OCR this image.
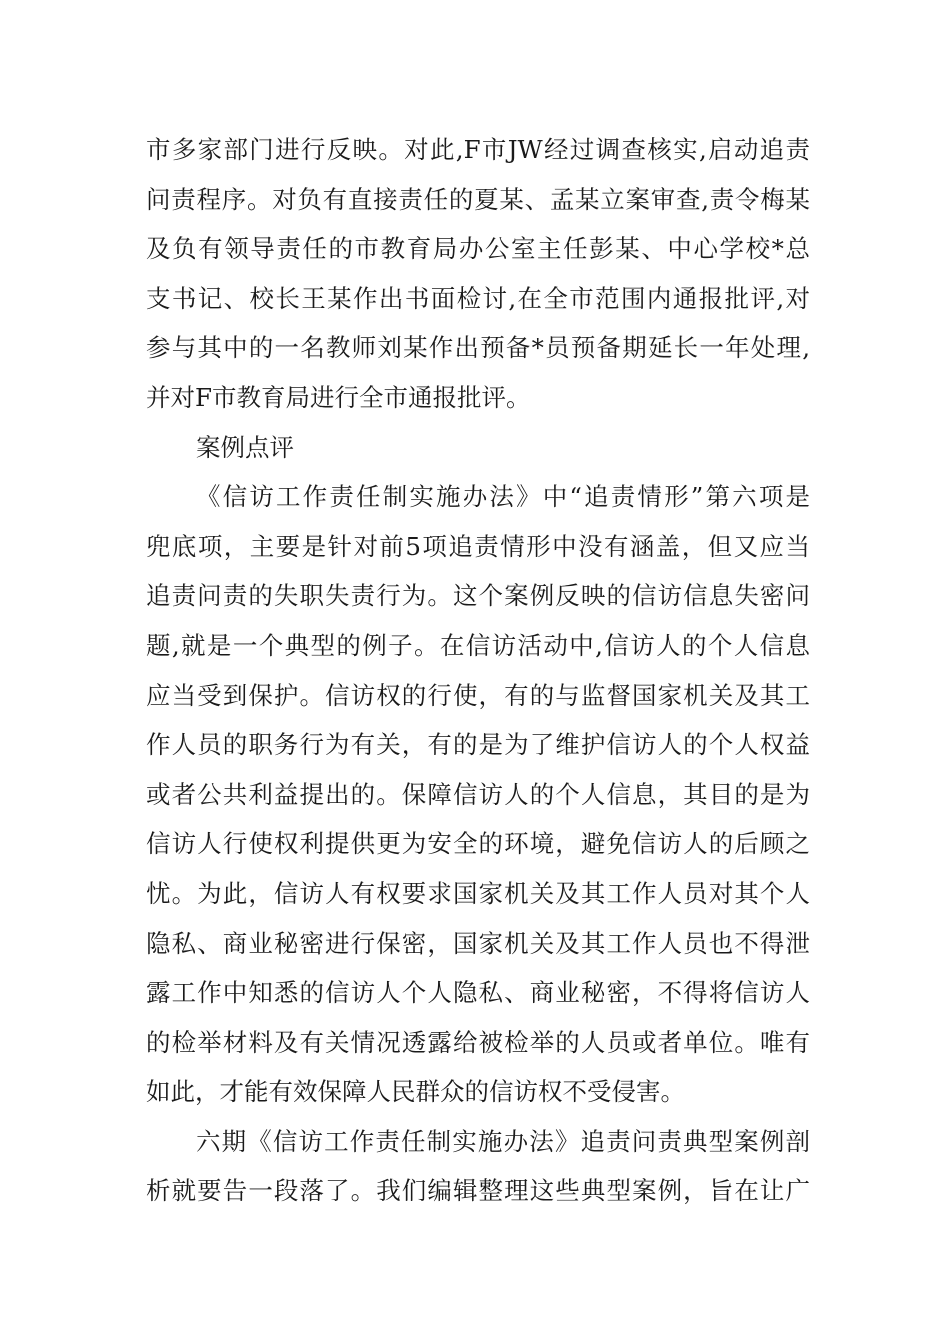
市多家部门进行反映。对此,F市JW经过调查核实,启动追责
问责程序。对负有直接责任的夏某、孟某立案审查,责令梅某
及负有领导责任的市教育局办公室主任彭某、中心学校*总
支书记、校长王某作出书面检讨,在全市范围内通报批评,对
参与其中的一名教师刘某作出预备*员预备期延长一年处理,
并对F市教育局进行全市通报批评。
案例点评
《信访工作责任制实施办法》中“追责情形”第六项是
兜底项，主要是针对前5项追责情形中没有涵盖，但又应当
追责问责的失职失责行为。这个案例反映的信访信息失密问
题,就是一个典型的例子。在信访活动中,信访人的个人信息
应当受到保护。信访权的行使，有的与监督国家机关及其工
作人员的职务行为有关，有的是为了维护信访人的个人权益
或者公共利益提出的。保障信访人的个人信息，其目的是为
信访人行使权利提供更为安全的环境，避免信访人的后顾之
忧。为此，信访人有权要求国家机关及其工作人员对其个人
隐私、商业秘密进行保密，国家机关及其工作人员也不得泄
露工作中知悉的信访人个人隐私、商业秘密，不得将信访人
的检举材料及有关情况透露给被检举的人员或者单位。唯有
如此，才能有效保障人民群众的信访权不受侵害。
六期《信访工作责任制实施办法》追责问责典型案例剖
析就要告一段落了。我们编辑整理这些典型案例，旨在让广
